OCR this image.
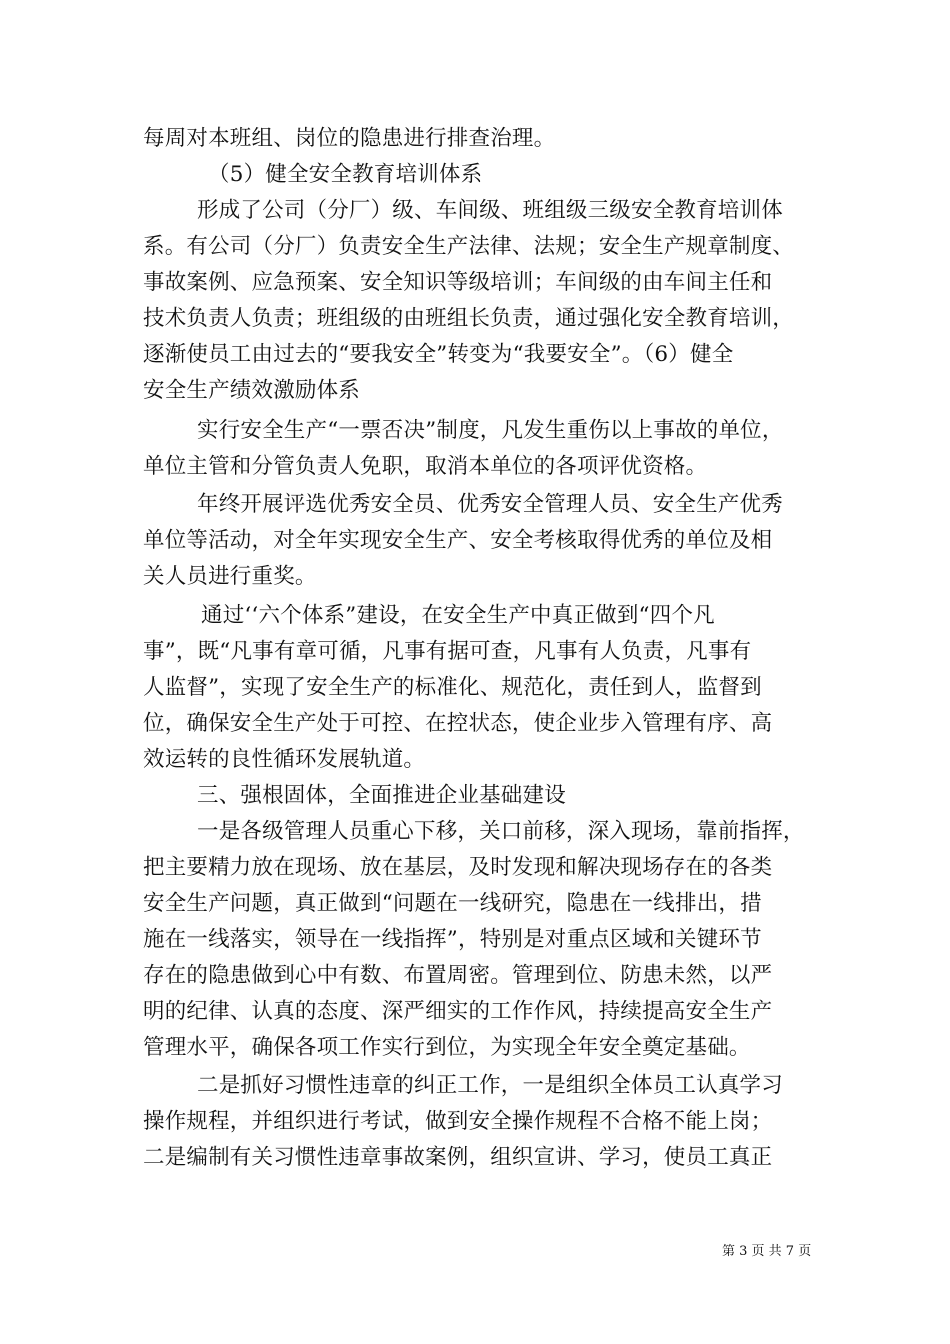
每周对本班组、岗位的隐患进行排查治理。
（5）健全安全教育培训体系
形成了公司（分厂）级、车间级、班组级三级安全教育培训体
系。有公司（分厂）负责安全生产法律、法规；安全生产规章制度、
事故案例、应急预案、安全知识等级培训；车间级的由车间主任和
技术负责人负责；班组级的由班组长负责，通过强化安全教育培训，
逐渐使员工由过去的“要我安全”转变为“我要安全”。（6）健全
安全生产绩效激励体系
实行安全生产“一票否决”制度，凡发生重伤以上事故的单位，
单位主管和分管负责人免职，取消本单位的各项评优资格。
年终开展评选优秀安全员、优秀安全管理人员、安全生产优秀
单位等活动，对全年实现安全生产、安全考核取得优秀的单位及相
关人员进行重奖。
通过‘‘六个体系”建设，在安全生产中真正做到“四个凡
事”，既“凡事有章可循，凡事有据可查，凡事有人负责，凡事有
人监督”，实现了安全生产的标准化、规范化，责任到人，监督到
位，确保安全生产处于可控、在控状态，使企业步入管理有序、高
效运转的良性循环发展轨道。
三、强根固体，全面推进企业基础建设
一是各级管理人员重心下移，关口前移，深入现场，靠前指挥，
把主要精力放在现场、放在基层，及时发现和解决现场存在的各类
安全生产问题，真正做到“问题在一线研究，隐患在一线排出，措
施在一线落实，领导在一线指挥”，特别是对重点区域和关键环节
存在的隐患做到心中有数、布置周密。管理到位、防患未然，以严
明的纪律、认真的态度、深严细实的工作作风，持续提高安全生产
管理水平，确保各项工作实行到位，为实现全年安全奠定基础。
二是抓好习惯性违章的纠正工作，一是组织全体员工认真学习
操作规程，并组织进行考试，做到安全操作规程不合格不能上岗；
二是编制有关习惯性违章事故案例，组织宣讲、学习，使员工真正
第 3 页 共 7 页
